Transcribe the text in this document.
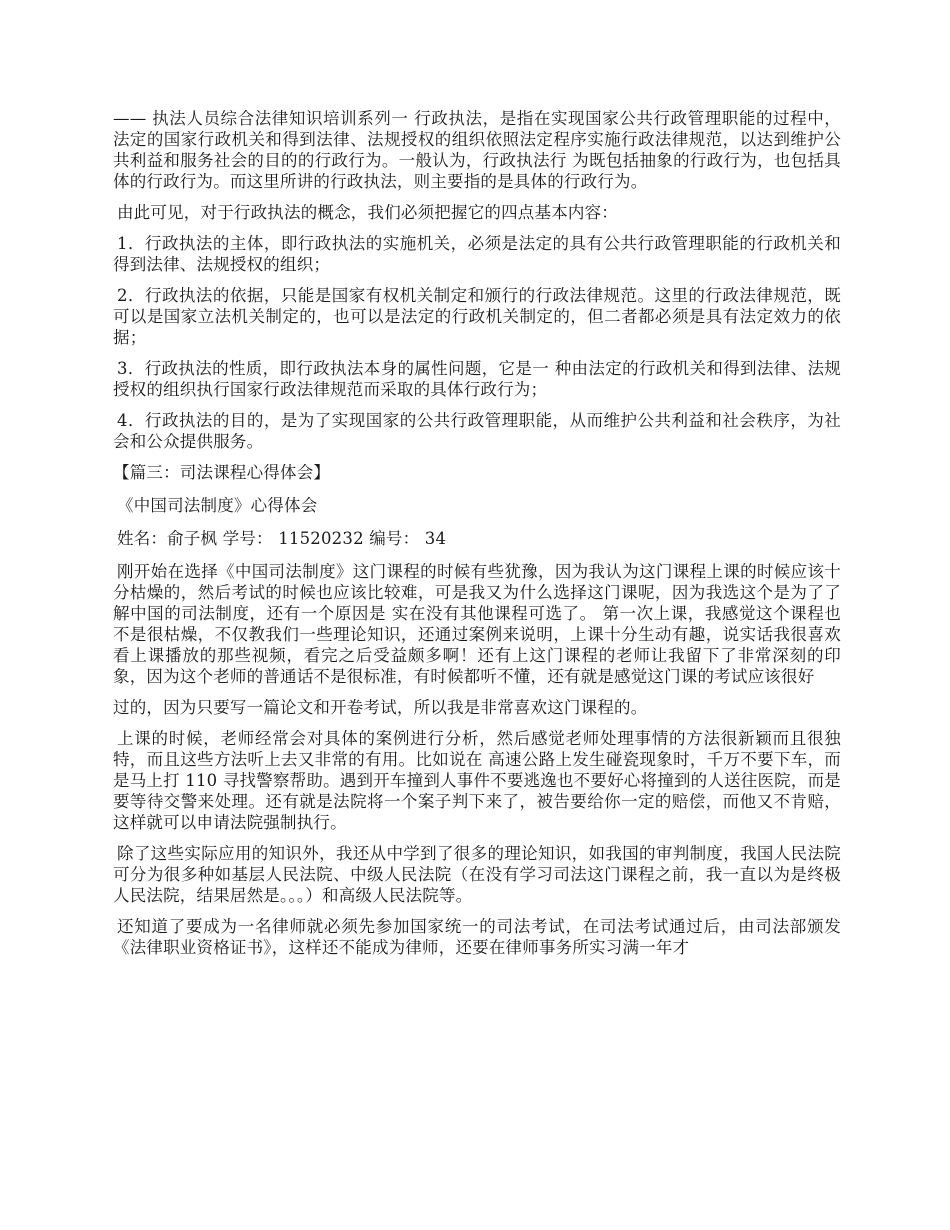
—— 执法人员综合法律知识培训系列一 行政执法，是指在实现国家公共行政管理职能的过程中，法定的国家行政机关和得到法律、法规授权的组织依照法定程序实施行政法律规范，以达到维护公共利益和服务社会的目的的行政行为。一般认为，行政执法行 为既包括抽象的行政行为，也包括具体的行政行为。而这里所讲的行政执法，则主要指的是具体的行政行为。

由此可见，对于行政执法的概念，我们必须把握它的四点基本内容：

1．行政执法的主体，即行政执法的实施机关，必须是法定的具有公共行政管理职能的行政机关和得到法律、法规授权的组织；

2．行政执法的依据，只能是国家有权机关制定和颁行的行政法律规范。这里的行政法律规范，既可以是国家立法机关制定的，也可以是法定的行政机关制定的，但二者都必须是具有法定效力的依据；

3．行政执法的性质，即行政执法本身的属性问题，它是一 种由法定的行政机关和得到法律、法规授权的组织执行国家行政法律规范而采取的具体行政行为；

4．行政执法的目的，是为了实现国家的公共行政管理职能，从而维护公共利益和社会秩序，为社会和公众提供服务。

【篇三：司法课程心得体会】

《中国司法制度》心得体会

姓名：俞子枫 学号： 11520232 编号： 34

刚开始在选择《中国司法制度》这门课程的时候有些犹豫，因为我认为这门课程上课的时候应该十分枯燥的，然后考试的时候也应该比较难，可是我又为什么选择这门课呢，因为我选这个是为了了解中国的司法制度，还有一个原因是 实在没有其他课程可选了。 第一次上课，我感觉这个课程也不是很枯燥，不仅教我们一些理论知识，还通过案例来说明，上课十分生动有趣，说实话我很喜欢看上课播放的那些视频，看完之后受益颇多啊！还有上这门课程的老师让我留下了非常深刻的印象，因为这个老师的普通话不是很标准，有时候都听不懂，还有就是感觉这门课的考试应该很好

过的，因为只要写一篇论文和开卷考试，所以我是非常喜欢这门课程的。

上课的时候，老师经常会对具体的案例进行分析，然后感觉老师处理事情的方法很新颖而且很独特，而且这些方法听上去又非常的有用。比如说在 高速公路上发生碰瓷现象时，千万不要下车，而是马上打 110 寻找警察帮助。遇到开车撞到人事件不要逃逸也不要好心将撞到的人送往医院，而是要等待交警来处理。还有就是法院将一个案子判下来了，被告要给你一定的赔偿，而他又不肯赔，这样就可以申请法院强制执行。

除了这些实际应用的知识外，我还从中学到了很多的理论知识，如我国的审判制度，我国人民法院可分为很多种如基层人民法院、中级人民法院（在没有学习司法这门课程之前，我一直以为是终极人民法院，结果居然是。。。）和高级人民法院等。

还知道了要成为一名律师就必须先参加国家统一的司法考试，在司法考试通过后，由司法部颁发《法律职业资格证书》，这样还不能成为律师，还要在律师事务所实习满一年才
